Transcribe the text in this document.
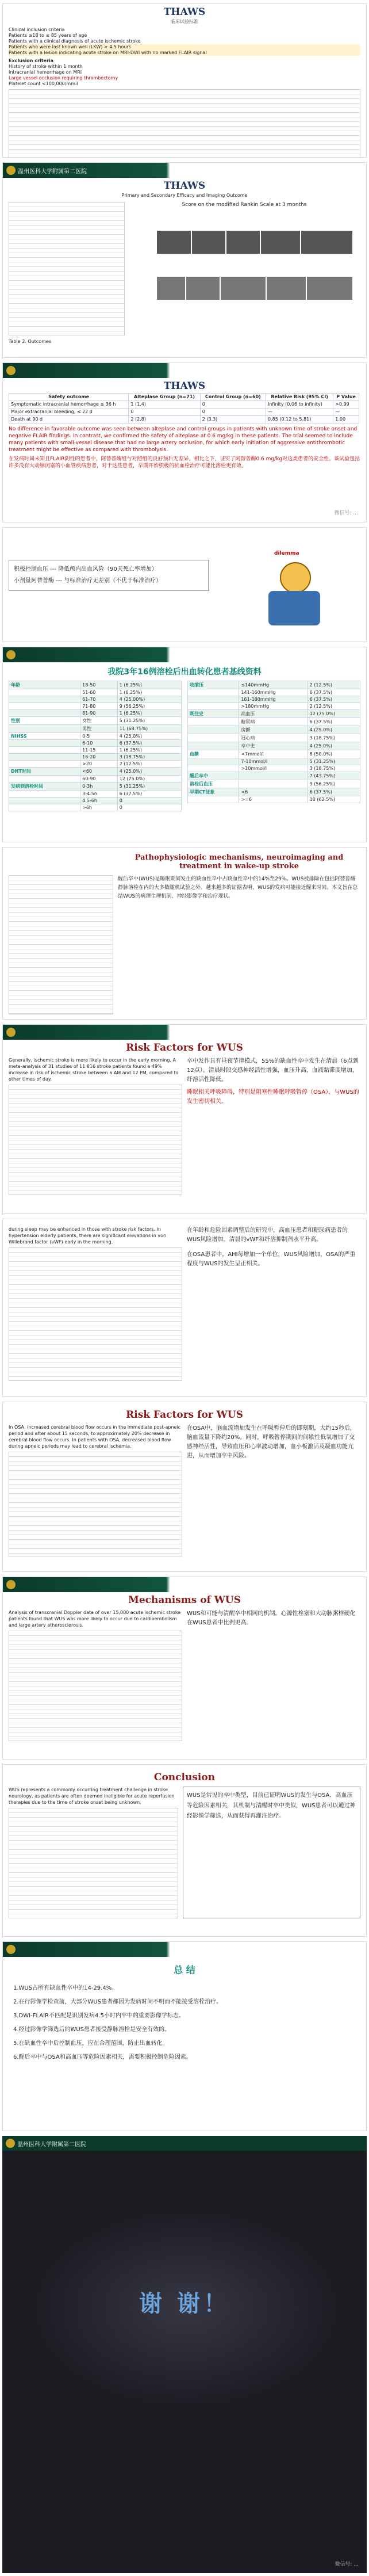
THAWS
临床试验标准
Clinical inclusion criteria
Patients ≥18 to ≤ 85 years of age
Patients with a clinical diagnosis of acute ischemic stroke
Patients who were last known well (LKW) > 4.5 hours
Patients with a lesion indicating acute stroke on MRI-DWI with no marked FLAIR signal
Exclusion criteria
History of stroke within 1 month
Intracranial hemorrhage on MRI
Large vessel occlusion requiring thrombectomy
Platelet count <100,000/mm3
温州医科大学附属第二医院
THAWS
Primary and Secondary Efficacy and Imaging Outcome
Score on the modified Rankin Scale at 3 months
Table 2. Outcomes
THAWS
Safety outcome	Alteplase Group (n=71)	Control Group (n=60)	Relative Risk (95% CI)	P Value
Symptomatic intracranial hemorrhage ≤ 36 h	1 (1.4)	0	Infinity (0.06 to infinity)	>0.99
Major extracranial bleeding, ≤ 22 d	0	0	—	—
Death at 90 d	2 (2.8)	2 (3.3)	0.85 (0.12 to 5.81)	1.00
No difference in favorable outcome was seen between alteplase and control groups in patients with unknown time of stroke onset and negative FLAIR findings. In contrast, we confirmed the safety of alteplase at 0.6 mg/kg in these patients. The trial seemed to include many patients with small-vessel disease that had no large artery occlusion, for which early initiation of aggressive antithrombotic treatment might be effective as compared with thrombolysis.
在发病时间未知且FLAIR阴性的患者中，阿替普酶组与对照组的良好预后无差异。相比之下，证实了阿替普酶0.6 mg/kg对这类患者的安全性。该试验包括许多没有大动脉闭塞的小血管疾病患者，对于这些患者，早期开始积极的抗血栓治疗可能比溶栓更有效。
微信号: ...
积极控制血压 --- 降低颅内出血风险（90天死亡率增加）
小剂量阿替普酶 --- 与标准治疗无差别（不优于标准治疗）
dilemma
我院3年16例溶栓后出血转化患者基线资料
年龄	18-50	1 (6.25%)
	51-60	1 (6.25%)
	61-70	4 (25.00%)
	71-80	9 (56.25%)
	81-90	1 (6.25%)
性别	女性	5 (31.25%)
	男性	11 (68.75%)
NIHSS	0-5	4 (25.0%)
	6-10	6 (37.5%)
	11-15	1 (6.25%)
	16-20	3 (18.75%)
	>20	2 (12.5%)
DNT时间	<60	4 (25.0%)
	60-90	12 (75.0%)
发病到溶栓时间	0-3h	5 (31.25%)
	3-4.5h	6 (37.5%)
	4.5-6h	0
	>6h	0
收缩压	≤140mmHg	2 (12.5%)
	141-160mmHg	6 (37.5%)
	161-180mmHg	6 (37.5%)
	>180mmHg	2 (12.5%)
既往史	高血压	12 (75.0%)
	糖尿病	6 (37.5%)
	房颤	4 (25.0%)
	冠心病	3 (18.75%)
	卒中史	4 (25.0%)
血糖	<7mmol/l	8 (50.0%)
	7-10mmol/l	5 (31.25%)
	>10mmol/l	3 (18.75%)
醒后卒中		7 (43.75%)
溶栓后血压		9 (56.25%)
早期CT征象	<6	6 (37.5%)
	>=6	10 (62.5%)
Pathophysiologic mechanisms, neuroimaging and treatment in wake-up stroke
醒后卒中(WUS)是睡眠期间发生的缺血性卒中占缺血性卒中的14%至29%。WUS被排除在包括阿替普酶静脉溶栓在内的大多数随机试验之外。越来越多的证据表明，WUS的发病可能接近醒来时间。本文旨在总结WUS的病理生理机制、神经影像学和治疗现状。
Risk Factors for WUS
Generally, ischemic stroke is more likely to occur in the early morning. A meta-analysis of 31 studies of 11 816 stroke patients found a 49% increase in risk of ischemic stroke between 6 AM and 12 PM, compared to other times of day.
卒中发作具有昼夜节律模式，55%的缺血性卒中发生在清晨（6点到12点）。清晨时段交感神经活性增强，血压升高，血液黏滞度增加，纤溶活性降低。
睡眠相关呼吸障碍，特别是阻塞性睡眠呼吸暂停（OSA），与WUS的发生密切相关。
during sleep may be enhanced in those with stroke risk factors. In hypertension elderly patients, there are significant elevations in von Willebrand factor (vWF) early in the morning.
在年龄和危险因素调整后的研究中，高血压患者和糖尿病患者的WUS风险增加。清晨的vWF和纤溶抑制剂水平升高。
在OSA患者中，AHI每增加一个单位，WUS风险增加，OSA的严重程度与WUS的发生呈正相关。
Risk Factors for WUS
In OSA, increased cerebral blood flow occurs in the immediate post-apneic period and after about 15 seconds, to approximately 20% decrease in cerebral blood flow occurs. In patients with OSA, decreased blood flow during apneic periods may lead to cerebral ischemia.
在OSA中，脑血流增加发生在呼吸暂停后的即刻期，大约15秒后，脑血流量下降约20%。同时，呼吸暂停期间的间歇性低氧增加了交感神经活性，导致血压和心率波动增加，血小板激活及凝血功能亢进，从而增加卒中风险。
Mechanisms of WUS
Analysis of transcranial Doppler data of over 15,000 acute ischemic stroke patients found that WUS was more likely to occur due to cardioembolism and large artery atherosclerosis.
WUS和可能与清醒卒中相同的机制。心源性栓塞和大动脉粥样硬化在WUS患者中比例更高。
Conclusion
WUS represents a commonly occurring treatment challenge in stroke neurology, as patients are often deemed ineligible for acute reperfusion therapies due to the time of stroke onset being unknown.
WUS是常见的卒中类型，目前已证明WUS的发生与OSA、高血压等危险因素相关，其机制与清醒时卒中类似，WUS患者可以通过神经影像学筛选，从而获得再灌注治疗。
总 结
1.WUS占所有缺血性卒中的14-29.4%。
2.在行影像学检查前，大部分WUS患者都因为发病时间不明而不能接受溶栓治疗。
3.DWI-FLAIR不匹配是识别发病4.5小时内卒中的重要影像学标志。
4.经过影像学筛选后的WUS患者接受静脉溶栓是安全有效的。
5.在缺血性卒中后控制血压，应在合理范围，防止出血转化。
6.醒后卒中与OSA和高血压等危险因素相关，需要积极控制危险因素。
温州医科大学附属第二医院
谢 谢！
微信号: ...
